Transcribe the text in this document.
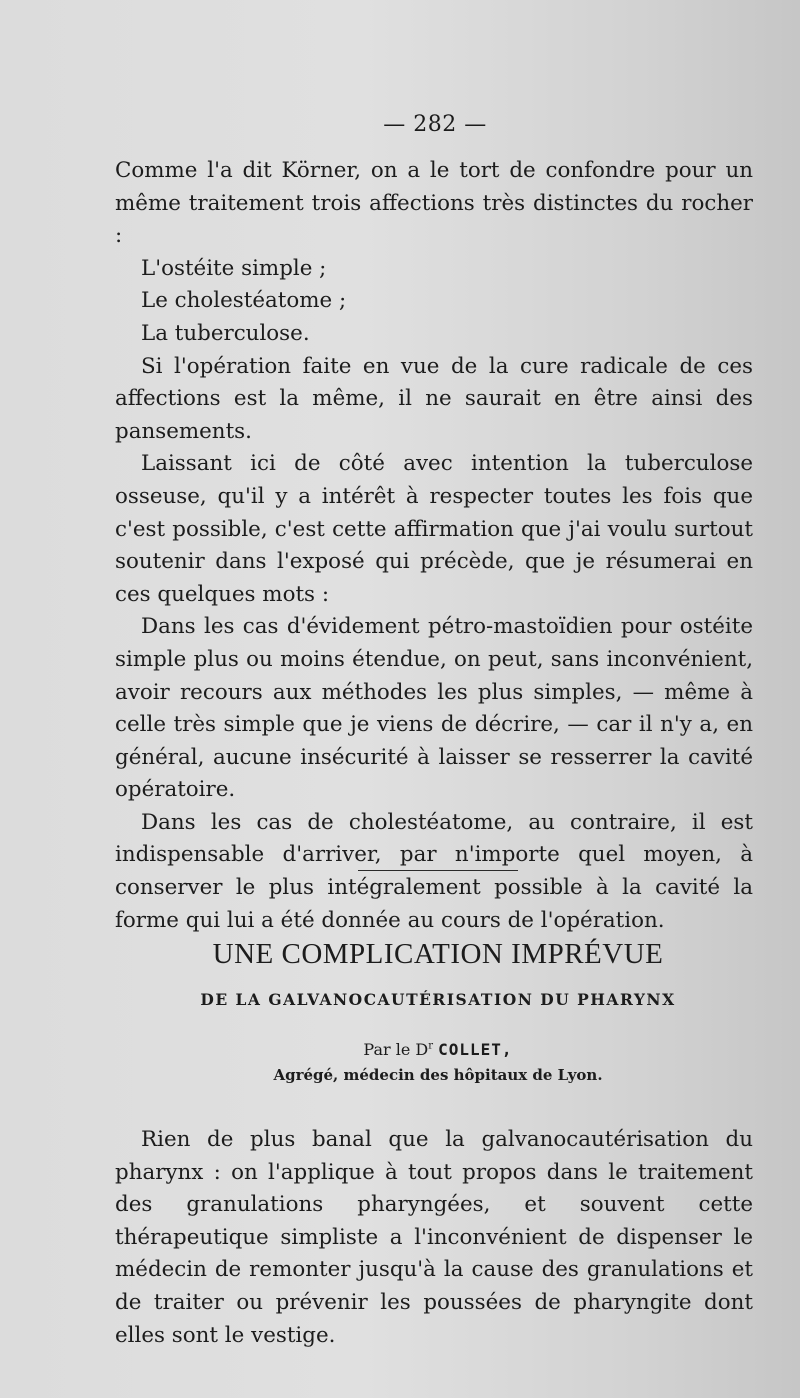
— 282 —

Comme l'a dit Körner, on a le tort de confondre pour un même traitement trois affections très distinctes du rocher :

L'ostéite simple ;

Le cholestéatome ;

La tuberculose.

Si l'opération faite en vue de la cure radicale de ces affections est la même, il ne saurait en être ainsi des pansements.

Laissant ici de côté avec intention la tuberculose osseuse, qu'il y a intérêt à respecter toutes les fois que c'est possible, c'est cette affirmation que j'ai voulu surtout soutenir dans l'exposé qui précède, que je résumerai en ces quelques mots :

Dans les cas d'évidement pétro-mastoïdien pour ostéite simple plus ou moins étendue, on peut, sans inconvénient, avoir recours aux méthodes les plus simples, — même à celle très simple que je viens de décrire, — car il n'y a, en général, aucune insécurité à laisser se resserrer la cavité opératoire.

Dans les cas de cholestéatome, au contraire, il est indispensable d'arriver, par n'importe quel moyen, à conserver le plus intégralement possible à la cavité la forme qui lui a été donnée au cours de l'opération.

UNE COMPLICATION IMPRÉVUE
DE LA GALVANOCAUTÉRISATION DU PHARYNX
Par le $D^r$ COLLET,
Agrégé, médecin des hôpitaux de Lyon.

Rien de plus banal que la galvanocautérisation du pharynx : on l'applique à tout propos dans le traitement des granulations pharyngées, et souvent cette thérapeutique simpliste a l'inconvénient de dispenser le médecin de remonter jusqu'à la cause des granulations et de traiter ou prévenir les poussées de pharyngite dont elles sont le vestige.
